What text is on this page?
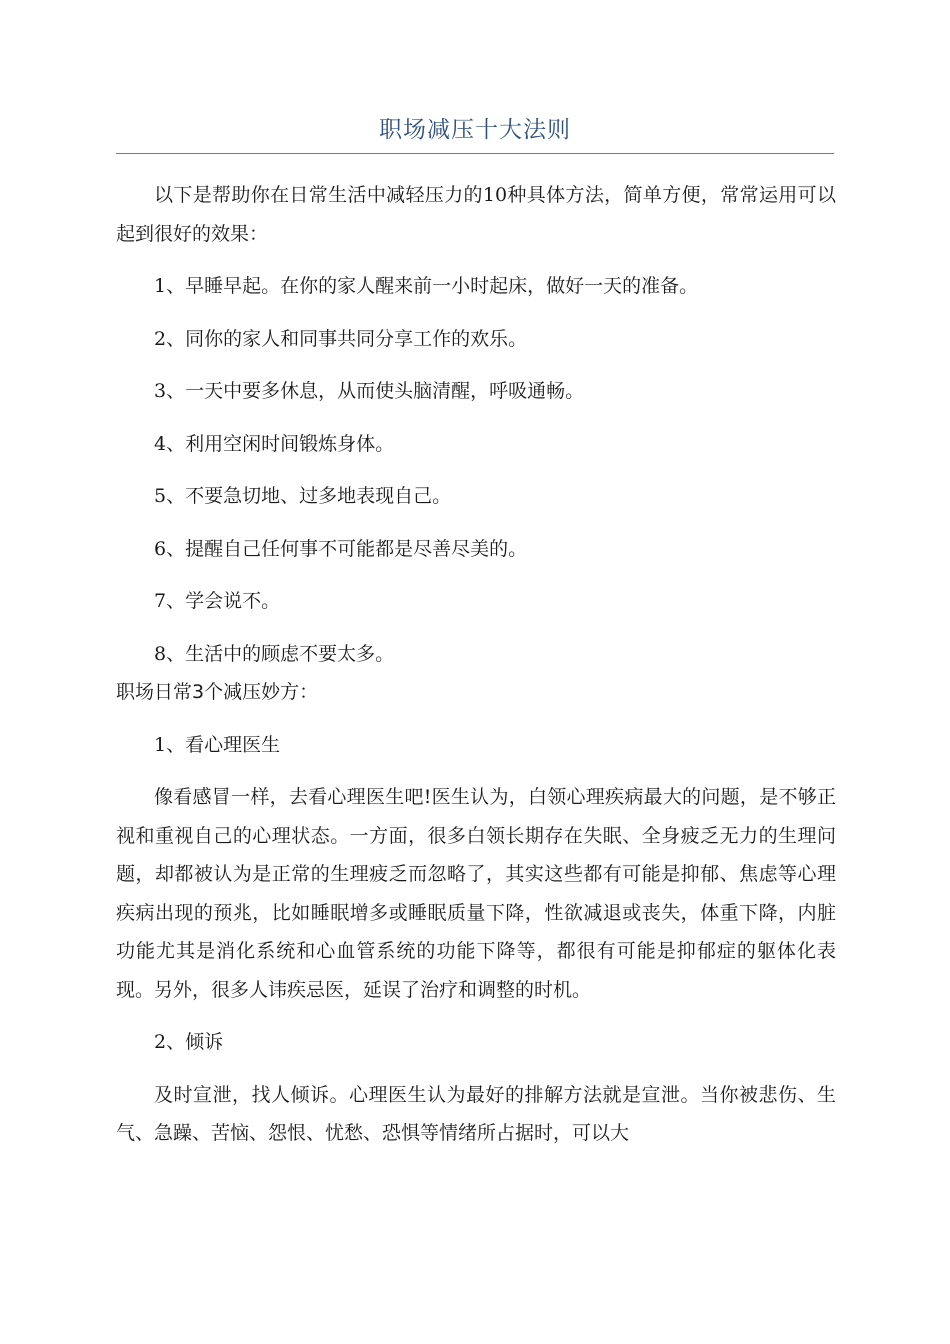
职场减压十大法则

以下是帮助你在日常生活中减轻压力的10种具体方法，简单方便，常常运用可以起到很好的效果：

1、早睡早起。在你的家人醒来前一小时起床，做好一天的准备。

2、同你的家人和同事共同分享工作的欢乐。

3、一天中要多休息，从而使头脑清醒，呼吸通畅。

4、利用空闲时间锻炼身体。

5、不要急切地、过多地表现自己。

6、提醒自己任何事不可能都是尽善尽美的。

7、学会说不。

8、生活中的顾虑不要太多。

职场日常3个减压妙方：

1、看心理医生

像看感冒一样，去看心理医生吧!医生认为，白领心理疾病最大的问题，是不够正视和重视自己的心理状态。一方面，很多白领长期存在失眠、全身疲乏无力的生理问题，却都被认为是正常的生理疲乏而忽略了，其实这些都有可能是抑郁、焦虑等心理疾病出现的预兆，比如睡眠增多或睡眠质量下降，性欲减退或丧失，体重下降，内脏功能尤其是消化系统和心血管系统的功能下降等，都很有可能是抑郁症的躯体化表现。另外，很多人讳疾忌医，延误了治疗和调整的时机。

2、倾诉

及时宣泄，找人倾诉。心理医生认为最好的排解方法就是宣泄。当你被悲伤、生气、急躁、苦恼、怨恨、忧愁、恐惧等情绪所占据时，可以大
